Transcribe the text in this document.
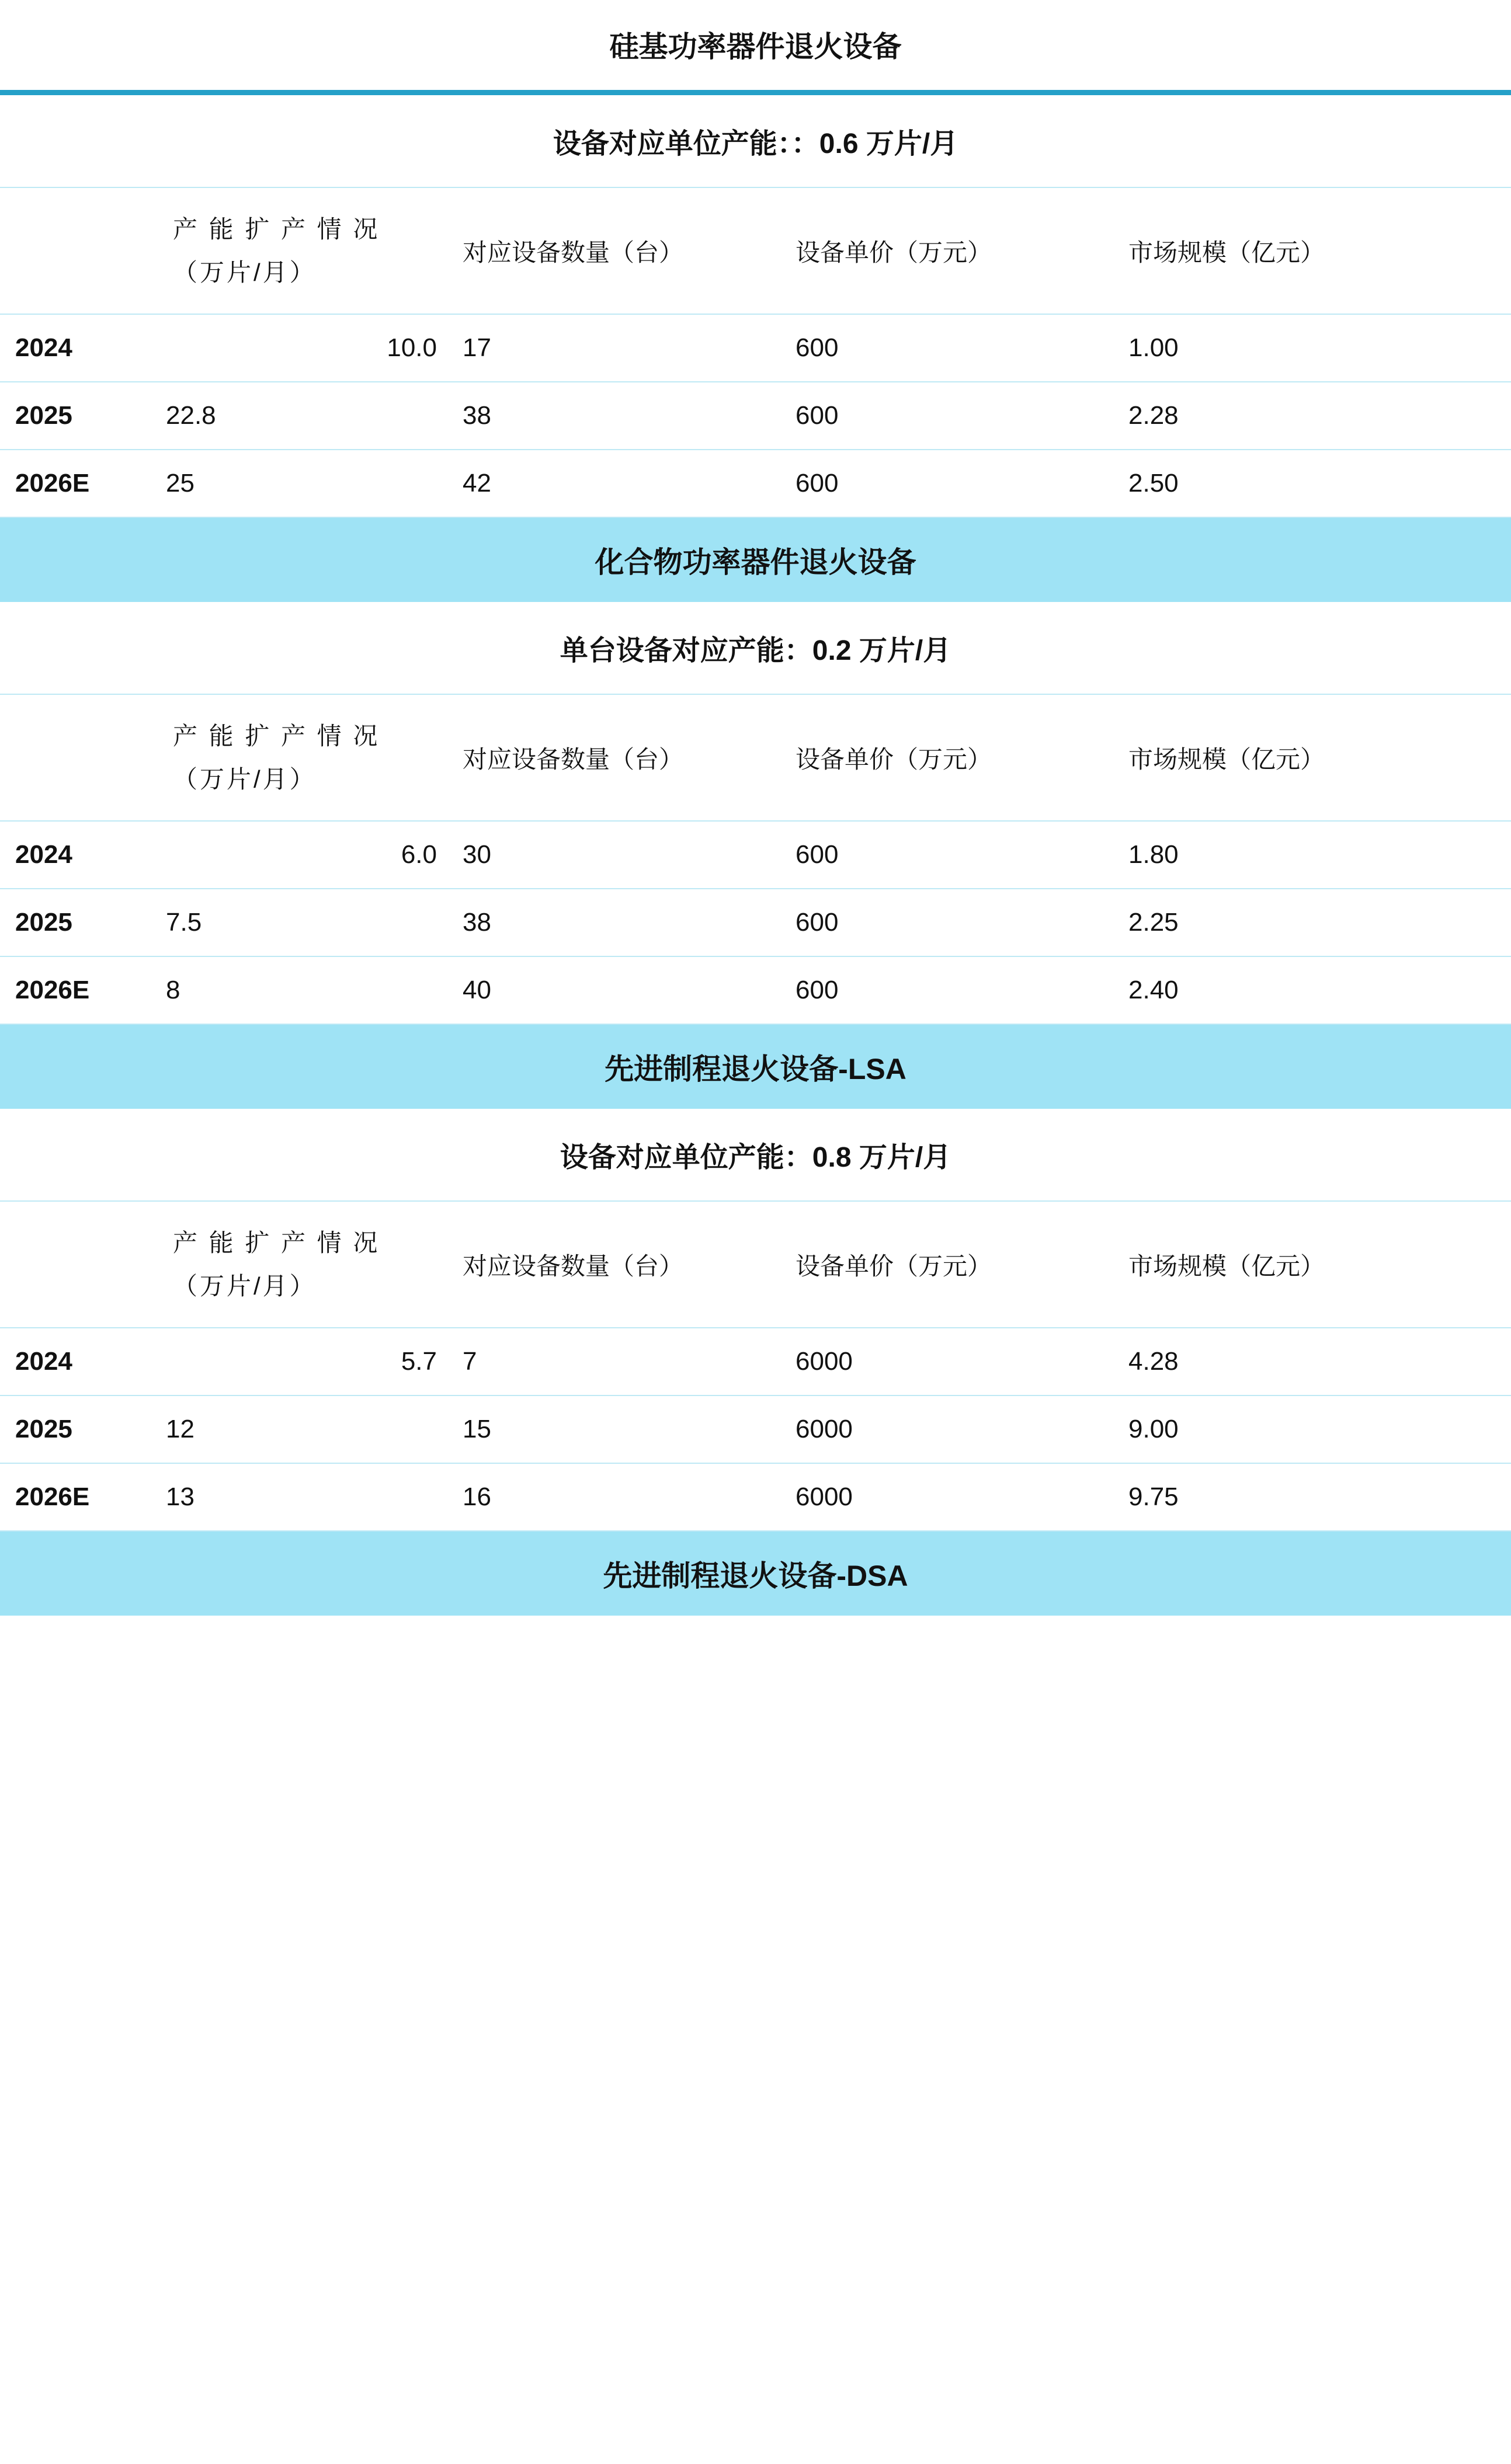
硅基功率器件退火设备				
设备对应单位产能：：0.6 万片/月				

	产 能 扩 产 情 况
（万片/月）	对应设备数量（台）	设备单价（万元）	市场规模（亿元）
2024	10.0	17	600	1.00
2025	22.8	38	600	2.28
2026E	25	42	600	2.50
化合物功率器件退火设备				
单台设备对应产能：0.2 万片/月				

	产 能 扩 产 情 况
（万片/月）	对应设备数量（台）	设备单价（万元）	市场规模（亿元）
2024	6.0	30	600	1.80
2025	7.5	38	600	2.25
2026E	8	40	600	2.40
先进制程退火设备-LSA				
设备对应单位产能：0.8 万片/月				

	产 能 扩 产 情 况
（万片/月）	对应设备数量（台）	设备单价（万元）	市场规模（亿元）
2024	5.7	7	6000	4.28
2025	12	15	6000	9.00
2026E	13	16	6000	9.75
先进制程退火设备-DSA				
